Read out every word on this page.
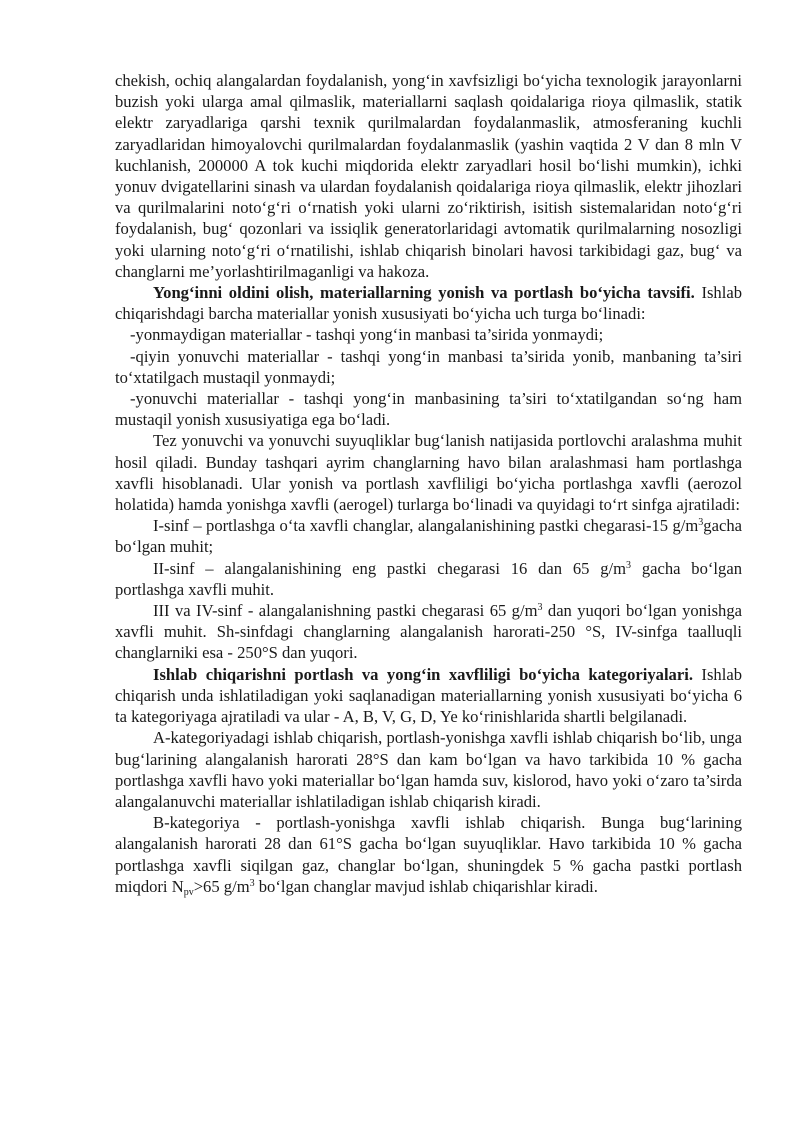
chekish, ochiq alangalardan foydalanish, yong‘in xavfsizligi bo‘yicha texnologik jarayonlarni buzish yoki ularga amal qilmaslik, materiallarni saqlash qoidalariga rioya qilmaslik, statik elektr zaryadlariga qarshi texnik qurilmalardan foydalanmaslik, atmosferaning kuchli zaryadlaridan himoyalovchi qurilmalardan foydalanmaslik (yashin vaqtida 2 V dan 8 mln V kuchlanish, 200000 A tok kuchi miqdorida elektr zaryadlari hosil bo‘lishi mumkin), ichki yonuv dvigatellarini sinash va ulardan foydalanish qoidalariga rioya qilmaslik, elektr jihozlari va qurilmalarini noto‘g‘ri o‘rnatish yoki ularni zo‘riktirish, isitish sistemalaridan noto‘g‘ri foydalanish, bug‘ qozonlari va issiqlik generatorlaridagi avtomatik qurilmalarning nosozligi yoki ularning noto‘g‘ri o‘rnatilishi, ishlab chiqarish binolari havosi tarkibidagi gaz, bug‘ va changlarni me’yorlashtirilmaganligi va hakoza.

Yong‘inni oldini olish, materiallarning yonish va portlash bo‘yicha tavsifi. Ishlab chiqarishdagi barcha materiallar yonish xususiyati bo‘yicha uch turga bo‘linadi:

-yonmaydigan materiallar - tashqi yong‘in manbasi ta’sirida yonmaydi;

-qiyin yonuvchi materiallar - tashqi yong‘in manbasi ta’sirida yonib, manbaning ta’siri to‘xtatilgach mustaqil yonmaydi;

-yonuvchi materiallar - tashqi yong‘in manbasining ta’siri to‘xtatilgandan so‘ng ham mustaqil yonish xususiyatiga ega bo‘ladi.

Tez yonuvchi va yonuvchi suyuqliklar bug‘lanish natijasida portlovchi aralashma muhit hosil qiladi. Bunday tashqari ayrim changlarning havo bilan aralashmasi ham portlashga xavfli hisoblanadi. Ular yonish va portlash xavfliligi bo‘yicha portlashga xavfli (aerozol holatida) hamda yonishga xavfli (aerogel) turlarga bo‘linadi va quyidagi to‘rt sinfga ajratiladi:

I-sinf – portlashga o‘ta xavfli changlar, alangalanishining pastki chegarasi-15 $g/m^3gacha$ bo‘lgan muhit;

II-sinf – alangalanishining eng pastki chegarasi 16 dan 65 $g/m^3$ gacha bo‘lgan portlashga xavfli muhit.

III va IV-sinf - alangalanishning pastki chegarasi 65 $g/m^3$ dan yuqori bo‘lgan yonishga xavfli muhit. Sh-sinfdagi changlarning alangalanish harorati-250 °S, IV-sinfga taalluqli changlarniki esa - 250°S dan yuqori.

Ishlab chiqarishni portlash va yong‘in xavfliligi bo‘yicha kategoriyalari. Ishlab chiqarish unda ishlatiladigan yoki saqlanadigan materiallarning yonish xususiyati bo‘yicha 6 ta kategoriyaga ajratiladi va ular - A, B, V, G, D, Ye ko‘rinishlarida shartli belgilanadi.

A-kategoriyadagi ishlab chiqarish, portlash-yonishga xavfli ishlab chiqarish bo‘lib, unga bug‘larining alangalanish harorati 28°S dan kam bo‘lgan va havo tarkibida 10 % gacha portlashga xavfli havo yoki materiallar bo‘lgan hamda suv, kislorod, havo yoki o‘zaro ta’sirda alangalanuvchi materiallar ishlatiladigan ishlab chiqarish kiradi.

B-kategoriya - portlash-yonishga xavfli ishlab chiqarish. Bunga bug‘larining alangalanish harorati 28 dan 61°S gacha bo‘lgan suyuqliklar. Havo tarkibida 10 % gacha portlashga xavfli siqilgan gaz, changlar bo‘lgan, shuningdek 5 % gacha pastki portlash miqdori $N_{pv}>65$ $g/m^3$ bo‘lgan changlar mavjud ishlab chiqarishlar kiradi.
